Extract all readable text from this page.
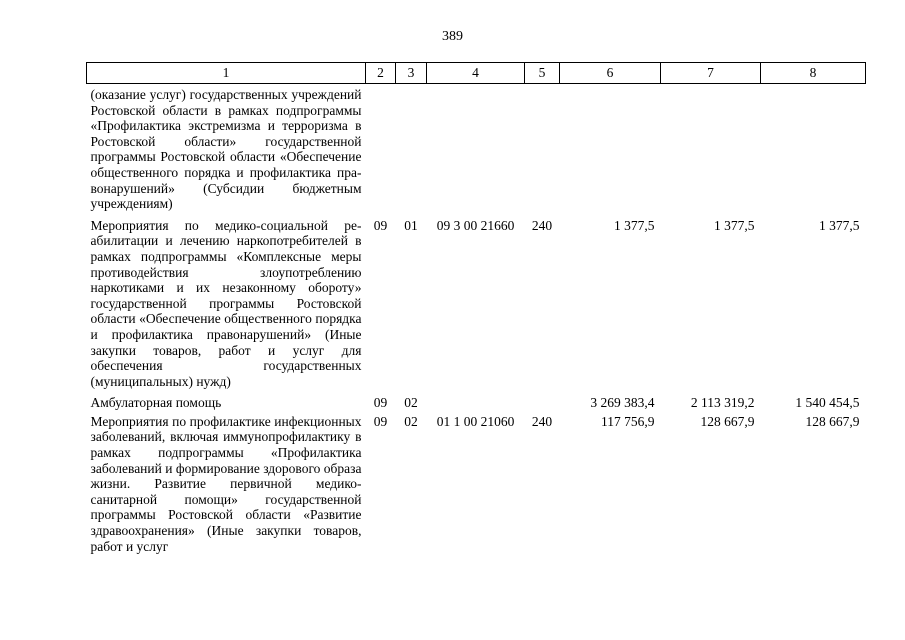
389
1	2	3	4	5	6	7	8
(оказание услуг) государственных учреждений Ростовской области в рамках подпрограммы «Профилактика экстремизма и терроризма в Ростовской области» государственной программы Ростовской области «Обеспечение общественного порядка и профилактика правонарушений» (Субсидии бюджетным учреждениям)							
Мероприятия по медико-социальной реабилитации и лечению наркопотребителей в рамках подпрограммы «Комплексные меры противодействия злоупотреблению наркотиками и их незаконному обороту» государственной программы Ростовской области «Обеспечение общественного порядка и профилактика правонарушений» (Иные закупки товаров, работ и услуг для обеспечения государственных (муниципальных) нужд)	09	01	09 3 00 21660	240	1 377,5	1 377,5	1 377,5
Амбулаторная помощь	09	02			3 269 383,4	2 113 319,2	1 540 454,5
Мероприятия по профилактике инфекционных заболеваний, включая иммунопрофилактику в рамках подпрограммы «Профилактика заболеваний и формирование здорового образа жизни. Развитие первичной медико-санитарной помощи» государственной программы Ростовской области «Развитие здравоохранения» (Иные закупки товаров, работ и услуг	09	02	01 1 00 21060	240	117 756,9	128 667,9	128 667,9
